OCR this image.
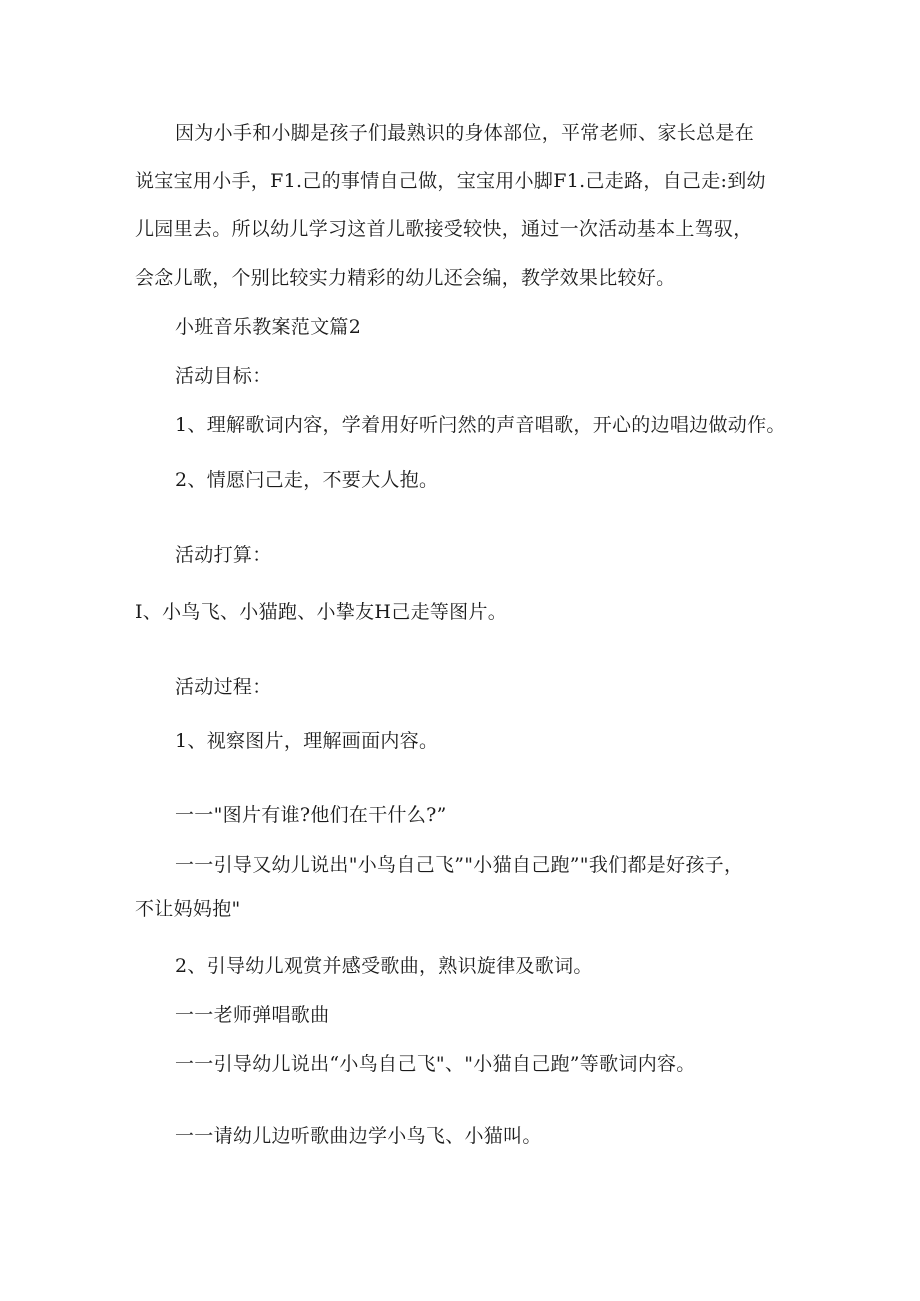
因为小手和小脚是孩子们最熟识的身体部位，平常老师、家长总是在

说宝宝用小手，F1.己的事情自己做，宝宝用小脚F1.己走路，自己走:到幼

儿园里去。所以幼儿学习这首儿歌接受较快，通过一次活动基本上驾驭，

会念儿歌，个别比较实力精彩的幼儿还会编，教学效果比较好。

小班音乐教案范文篇2

活动目标：

1、理解歌词内容，学着用好听闩然的声音唱歌，开心的边唱边做动作。

2、情愿闩己走，不要大人抱。

活动打算：

I、小鸟飞、小猫跑、小挚友H己走等图片。

活动过程：

1、视察图片，理解画面内容。

一一"图片有谁?他们在干什么?”

一一引导又幼儿说出"小鸟自己飞”"小猫自己跑”"我们都是好孩子，

不让妈妈抱"

2、引导幼儿观赏并感受歌曲，熟识旋律及歌词。

一一老师弹唱歌曲

一一引导幼儿说出“小鸟自己飞"、"小猫自己跑”等歌词内容。

一一请幼儿边听歌曲边学小鸟飞、小猫叫。
